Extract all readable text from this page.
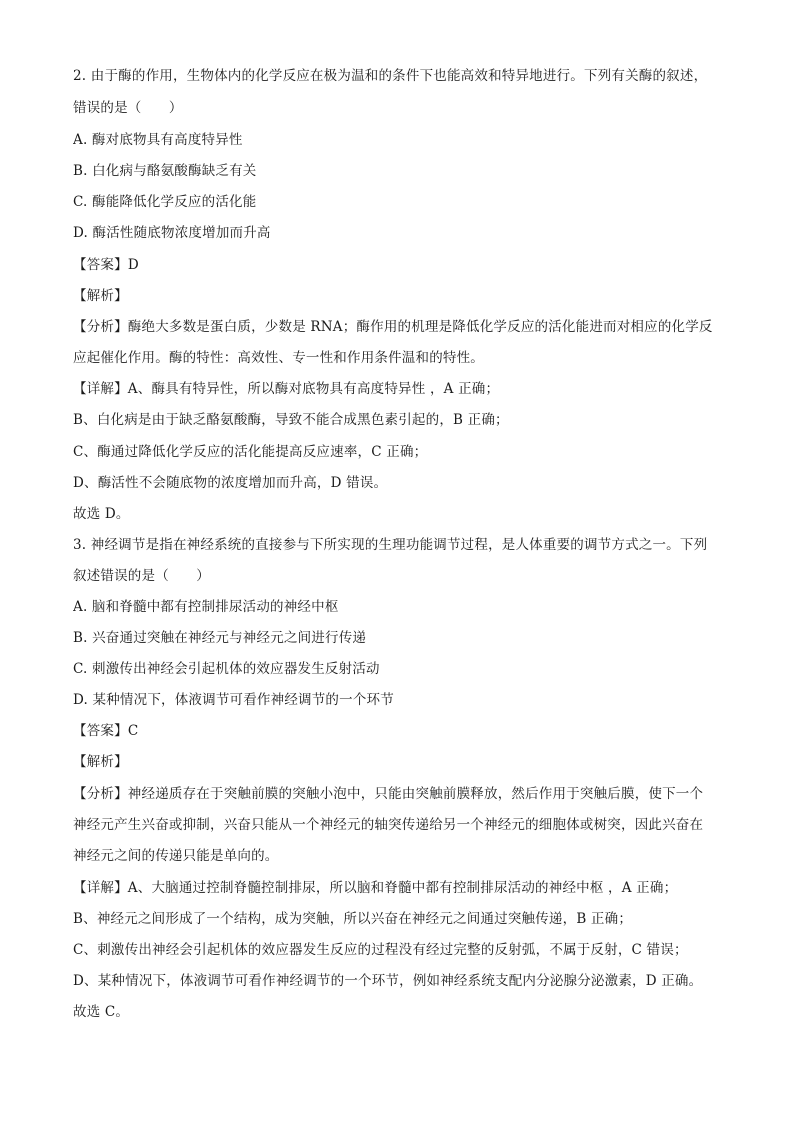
2. 由于酶的作用，生物体内的化学反应在极为温和的条件下也能高效和特异地进行。下列有关酶的叙述，
错误的是（　　）
A. 酶对底物具有高度特异性
B. 白化病与酪氨酸酶缺乏有关
C. 酶能降低化学反应的活化能
D. 酶活性随底物浓度增加而升高
【答案】D
【解析】
【分析】酶绝大多数是蛋白质，少数是 RNA；酶作用的机理是降低化学反应的活化能进而对相应的化学反
应起催化作用。酶的特性：高效性、专一性和作用条件温和的特性。
【详解】A、酶具有特异性，所以酶对底物具有高度特异性 ，A 正确；
B、白化病是由于缺乏酪氨酸酶，导致不能合成黑色素引起的，B 正确；
C、酶通过降低化学反应的活化能提高反应速率，C 正确；
D、酶活性不会随底物的浓度增加而升高，D 错误。
故选 D。
3. 神经调节是指在神经系统的直接参与下所实现的生理功能调节过程，是人体重要的调节方式之一。下列
叙述错误的是（　　）
A. 脑和脊髓中都有控制排尿活动的神经中枢
B. 兴奋通过突触在神经元与神经元之间进行传递
C. 刺激传出神经会引起机体的效应器发生反射活动
D. 某种情况下，体液调节可看作神经调节的一个环节
【答案】C
【解析】
【分析】神经递质存在于突触前膜的突触小泡中，只能由突触前膜释放，然后作用于突触后膜，使下一个
神经元产生兴奋或抑制，兴奋只能从一个神经元的轴突传递给另一个神经元的细胞体或树突，因此兴奋在
神经元之间的传递只能是单向的。
【详解】A、大脑通过控制脊髓控制排尿，所以脑和脊髓中都有控制排尿活动的神经中枢 ，A 正确；
B、神经元之间形成了一个结构，成为突触，所以兴奋在神经元之间通过突触传递，B 正确；
C、刺激传出神经会引起机体的效应器发生反应的过程没有经过完整的反射弧，不属于反射，C 错误；
D、某种情况下，体液调节可看作神经调节的一个环节，例如神经系统支配内分泌腺分泌激素，D 正确。
故选 C。
